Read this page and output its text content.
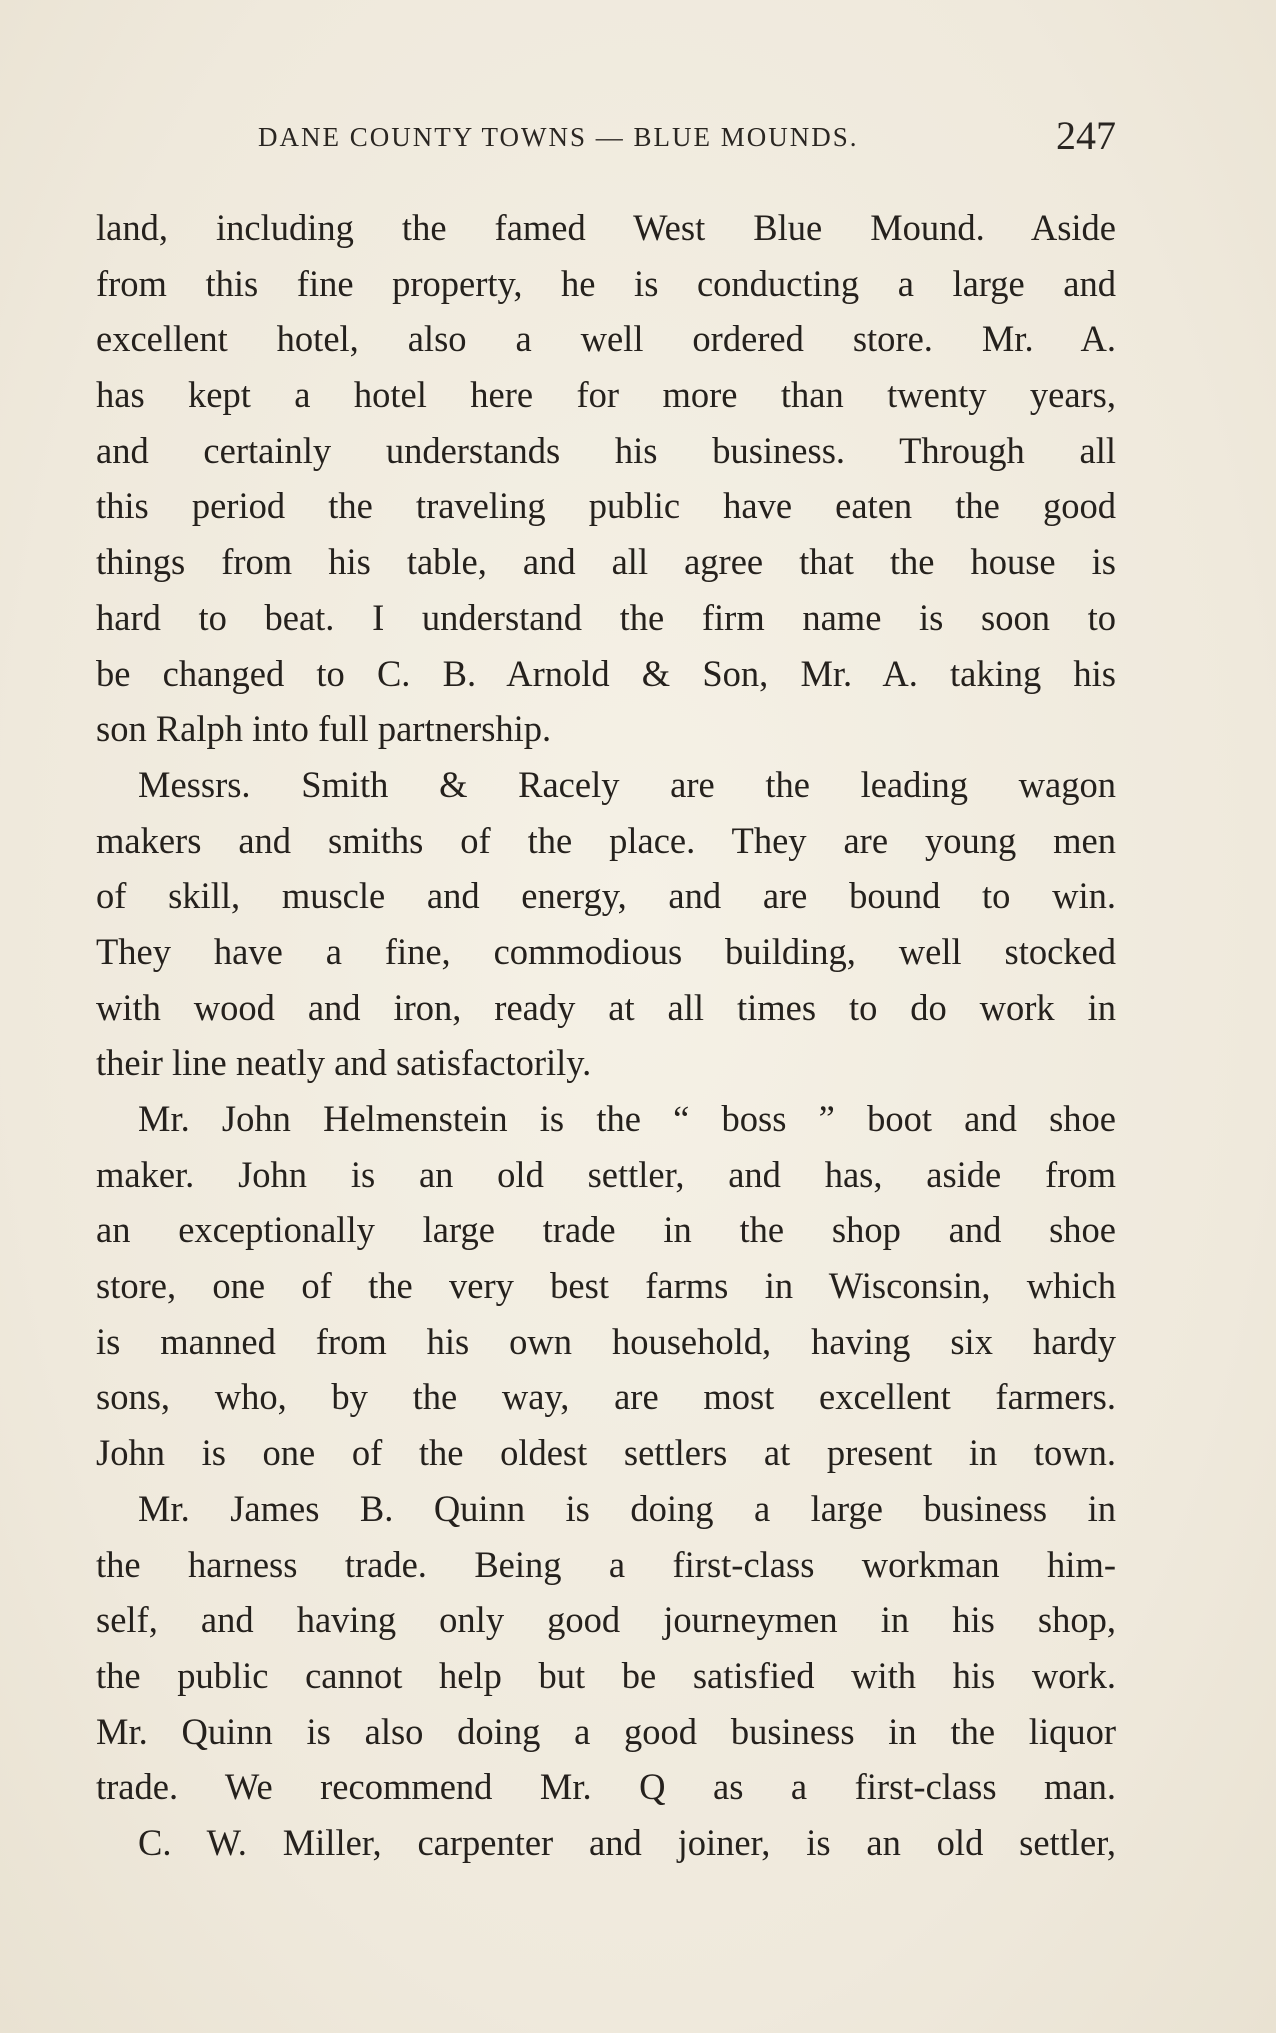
DANE COUNTY TOWNS — BLUE MOUNDS.	247
land, including the famed West Blue Mound. Aside
from this fine property, he is conducting a large and
excellent hotel, also a well ordered store. Mr. A.
has kept a hotel here for more than twenty years,
and certainly understands his business. Through all
this period the traveling public have eaten the good
things from his table, and all agree that the house is
hard to beat. I understand the firm name is soon to
be changed to C. B. Arnold & Son, Mr. A. taking his
son Ralph into full partnership.
Messrs. Smith & Racely are the leading wagon
makers and smiths of the place. They are young men
of skill, muscle and energy, and are bound to win.
They have a fine, commodious building, well stocked
with wood and iron, ready at all times to do work in
their line neatly and satisfactorily.
Mr. John Helmenstein is the “ boss ” boot and shoe
maker. John is an old settler, and has, aside from
an exceptionally large trade in the shop and shoe
store, one of the very best farms in Wisconsin, which
is manned from his own household, having six hardy
sons, who, by the way, are most excellent farmers.
John is one of the oldest settlers at present in town.
Mr. James B. Quinn is doing a large business in
the harness trade. Being a first-class workman him-
self, and having only good journeymen in his shop,
the public cannot help but be satisfied with his work.
Mr. Quinn is also doing a good business in the liquor
trade. We recommend Mr. Q as a first-class man.
C. W. Miller, carpenter and joiner, is an old settler,
